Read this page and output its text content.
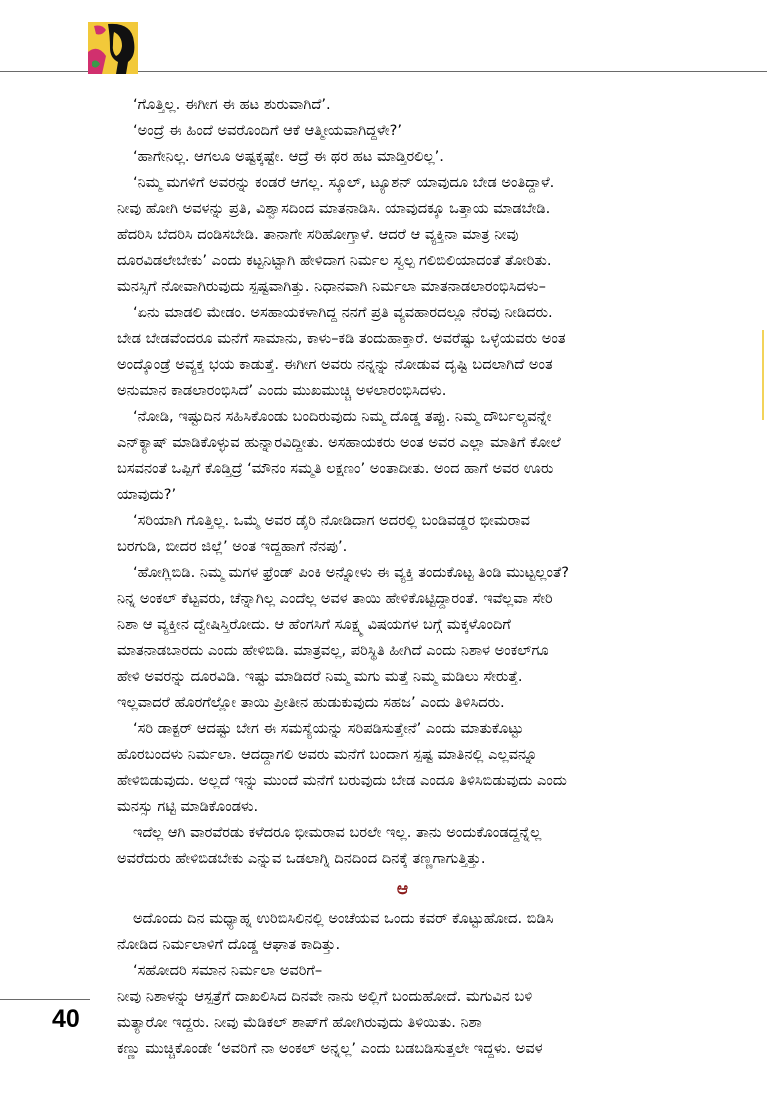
‘ಗೊತ್ತಿಲ್ಲ. ಈಗೀಗ ಈ ಹಟ ಶುರುವಾಗಿದೆ’.

‘ಅಂದ್ರೆ ಈ ಹಿಂದೆ ಅವರೊಂದಿಗೆ ಆಕೆ ಆತ್ಮೀಯವಾಗಿದ್ದಳೇ?’

‘ಹಾಗೇನಿಲ್ಲ. ಆಗಲೂ ಅಷ್ಟಕ್ಕಷ್ಟೇ. ಆದ್ರೆ ಈ ಥರ ಹಟ ಮಾಡ್ತಿರಲಿಲ್ಲ’.

‘ನಿಮ್ಮ ಮಗಳಿಗೆ ಅವರನ್ನು ಕಂಡರೆ ಆಗಲ್ಲ. ಸ್ಕೂಲ್, ಟ್ಯೂಶನ್ ಯಾವುದೂ ಬೇಡ ಅಂತಿದ್ದಾಳೆ.

ನೀವು ಹೋಗಿ ಅವಳನ್ನು ಪ್ರತಿ, ವಿಶ್ವಾಸದಿಂದ ಮಾತನಾಡಿಸಿ. ಯಾವುದಕ್ಕೂ ಒತ್ತಾಯ ಮಾಡಬೇಡಿ.

ಹೆದರಿಸಿ ಬೆದರಿಸಿ ದಂಡಿಸಬೇಡಿ. ತಾನಾಗೇ ಸರಿಹೋಗ್ತಾಳೆ. ಆದರೆ ಆ ವ್ಯಕ್ತಿನಾ ಮಾತ್ರ ನೀವು

ದೂರವಿಡಲೇಬೇಕು’ ಎಂದು ಕಟ್ಟನಿಟ್ಟಾಗಿ ಹೇಳಿದಾಗ ನಿರ್ಮಲ ಸ್ವಲ್ಪ ಗಲಿಬಿಲಿಯಾದಂತೆ ತೋರಿತು.

ಮನಸ್ಸಿಗೆ ನೋವಾಗಿರುವುದು ಸ್ಪಷ್ಟವಾಗಿತ್ತು. ನಿಧಾನವಾಗಿ ನಿರ್ಮಲಾ ಮಾತನಾಡಲಾರಂಭಿಸಿದಳು–

‘ಏನು ಮಾಡಲಿ ಮೇಡಂ. ಅಸಹಾಯಕಳಾಗಿದ್ದ ನನಗೆ ಪ್ರತಿ ವ್ಯವಹಾರದಲ್ಲೂ ನೆರವು ನೀಡಿದರು.

ಬೇಡ ಬೇಡವೆಂದರೂ ಮನೆಗೆ ಸಾಮಾನು, ಕಾಳು–ಕಡಿ ತಂದುಹಾಕ್ತಾರೆ. ಅವರೆಷ್ಟು ಒಳ್ಳೆಯವರು ಅಂತ

ಅಂದ್ಕೊಂಡ್ರೆ ಅವ್ಯಕ್ತ ಭಯ ಕಾಡುತ್ತೆ. ಈಗೀಗ ಅವರು ನನ್ನನ್ನು ನೋಡುವ ದೃಷ್ಟಿ ಬದಲಾಗಿದೆ ಅಂತ

ಅನುಮಾನ ಕಾಡಲಾರಂಭಿಸಿದೆ’ ಎಂದು ಮುಖಮುಚ್ಚಿ ಅಳಲಾರಂಭಿಸಿದಳು.

‘ನೋಡಿ, ಇಷ್ಟುದಿನ ಸಹಿಸಿಕೊಂಡು ಬಂದಿರುವುದು ನಿಮ್ಮ ದೊಡ್ಡ ತಪ್ಪು. ನಿಮ್ಮ ದೌರ್ಬಲ್ಯವನ್ನೇ

ಎನ್‌ಕ್ಯಾಷ್ ಮಾಡಿಕೊಳ್ಳುವ ಹುನ್ನಾರವಿದ್ದೀತು. ಅಸಹಾಯಕರು ಅಂತ ಅವರ ಎಲ್ಲಾ ಮಾತಿಗೆ ಕೋಲೆ

ಬಸವನಂತೆ ಒಪ್ಪಿಗೆ ಕೊಡ್ತಿದ್ರೆ ‘ಮೌನಂ ಸಮ್ಮತಿ ಲಕ್ಷಣಂ’ ಅಂತಾದೀತು. ಅಂದ ಹಾಗೆ ಅವರ ಊರು

ಯಾವುದು?’

‘ಸರಿಯಾಗಿ ಗೊತ್ತಿಲ್ಲ. ಒಮ್ಮೆ ಅವರ ಡೈರಿ ನೋಡಿದಾಗ ಅದರಲ್ಲಿ ಬಂಡಿವಡ್ಡರ ಭೀಮರಾವ

ಬರಗುಡಿ, ಬೀದರ ಜಿಲ್ಲೆ’ ಅಂತ ಇದ್ದಹಾಗೆ ನೆನಪು’.

‘ಹೋಗ್ಲಿಬಿಡಿ. ನಿಮ್ಮ ಮಗಳ ಫ್ರೆಂಡ್ ಪಿಂಕಿ ಅನ್ನೋಳು ಈ ವ್ಯಕ್ತಿ ತಂದುಕೊಟ್ಟ ತಿಂಡಿ ಮುಟ್ಟಲ್ಲಂತೆ?

ನಿನ್ನ ಅಂಕಲ್ ಕೆಟ್ಟವರು, ಚೆನ್ನಾಗಿಲ್ಲ ಎಂದೆಲ್ಲ ಅವಳ ತಾಯಿ ಹೇಳಿಕೊಟ್ಟಿದ್ದಾರಂತೆ. ಇವೆಲ್ಲವಾ ಸೇರಿ

ನಿಶಾ ಆ ವ್ಯಕ್ತೀನ ದ್ವೇಷಿಸ್ತಿರೋದು. ಆ ಹೆಂಗಸಿಗೆ ಸೂಕ್ಷ್ಮ ವಿಷಯಗಳ ಬಗ್ಗೆ ಮಕ್ಕಳೊಂದಿಗೆ

ಮಾತನಾಡಬಾರದು ಎಂದು ಹೇಳಿಬಿಡಿ. ಮಾತ್ರವಲ್ಲ, ಪರಿಸ್ಥಿತಿ ಹೀಗಿದೆ ಎಂದು ನಿಶಾಳ ಅಂಕಲ್‌ಗೂ

ಹೇಳಿ ಅವರನ್ನು ದೂರವಿಡಿ. ಇಷ್ಟು ಮಾಡಿದರೆ ನಿಮ್ಮ ಮಗು ಮತ್ತೆ ನಿಮ್ಮ ಮಡಿಲು ಸೇರುತ್ತೆ.

ಇಲ್ಲವಾದರೆ ಹೊರಗೆಲ್ಲೋ ತಾಯಿ ಪ್ರೀತೀನ ಹುಡುಕುವುದು ಸಹಜ’ ಎಂದು ತಿಳಿಸಿದರು.

‘ಸರಿ ಡಾಕ್ಟರ್ ಆದಷ್ಟು ಬೇಗ ಈ ಸಮಸ್ಯೆಯನ್ನು ಸರಿಪಡಿಸುತ್ತೇನೆ’ ಎಂದು ಮಾತುಕೊಟ್ಟು

ಹೊರಬಂದಳು ನಿರ್ಮಲಾ. ಆದದ್ದಾಗಲಿ ಅವರು ಮನೆಗೆ ಬಂದಾಗ ಸ್ಪಷ್ಟ ಮಾತಿನಲ್ಲಿ ಎಲ್ಲವನ್ನೂ

ಹೇಳಿಬಿಡುವುದು. ಅಲ್ಲದೆ ಇನ್ನು ಮುಂದೆ ಮನೆಗೆ ಬರುವುದು ಬೇಡ ಎಂದೂ ತಿಳಿಸಿಬಿಡುವುದು ಎಂದು

ಮನಸ್ಸು ಗಟ್ಟಿ ಮಾಡಿಕೊಂಡಳು.

ಇದೆಲ್ಲ ಆಗಿ ವಾರವೆರಡು ಕಳೆದರೂ ಭೀಮರಾವ ಬರಲೇ ಇಲ್ಲ. ತಾನು ಅಂದುಕೊಂಡದ್ದನ್ನೆಲ್ಲ

ಅವರೆದುರು ಹೇಳಿಬಿಡಬೇಕು ಎನ್ನುವ ಒಡಲಾಗ್ನಿ ದಿನದಿಂದ ದಿನಕ್ಕೆ ತಣ್ಣಗಾಗುತ್ತಿತ್ತು.

ಆ

ಅದೊಂದು ದಿನ ಮಧ್ಯಾಹ್ನ ಉರಿಬಿಸಿಲಿನಲ್ಲಿ ಅಂಚೆಯವ ಒಂದು ಕವರ್ ಕೊಟ್ಟುಹೋದ. ಬಿಡಿಸಿ

ನೋಡಿದ ನಿರ್ಮಲಾಳಿಗೆ ದೊಡ್ಡ ಆಘಾತ ಕಾದಿತ್ತು.

‘ಸಹೋದರಿ ಸಮಾನ ನಿರ್ಮಲಾ ಅವರಿಗೆ–

ನೀವು ನಿಶಾಳನ್ನು ಆಸ್ಪತ್ರೆಗೆ ದಾಖಲಿಸಿದ ದಿನವೇ ನಾನು ಅಲ್ಲಿಗೆ ಬಂದುಹೋದೆ. ಮಗುವಿನ ಬಳಿ

ಮತ್ಯಾರೋ ಇದ್ದರು. ನೀವು ಮೆಡಿಕಲ್ ಶಾಪ್‌ಗೆ ಹೋಗಿರುವುದು ತಿಳಿಯಿತು. ನಿಶಾ

ಕಣ್ಣು ಮುಚ್ಚಿಕೊಂಡೇ ‘ಅವರಿಗೆ ನಾ ಅಂಕಲ್ ಅನ್ನಲ್ಲ’ ಎಂದು ಬಡಬಡಿಸುತ್ತಲೇ ಇದ್ದಳು. ಅವಳ

40
